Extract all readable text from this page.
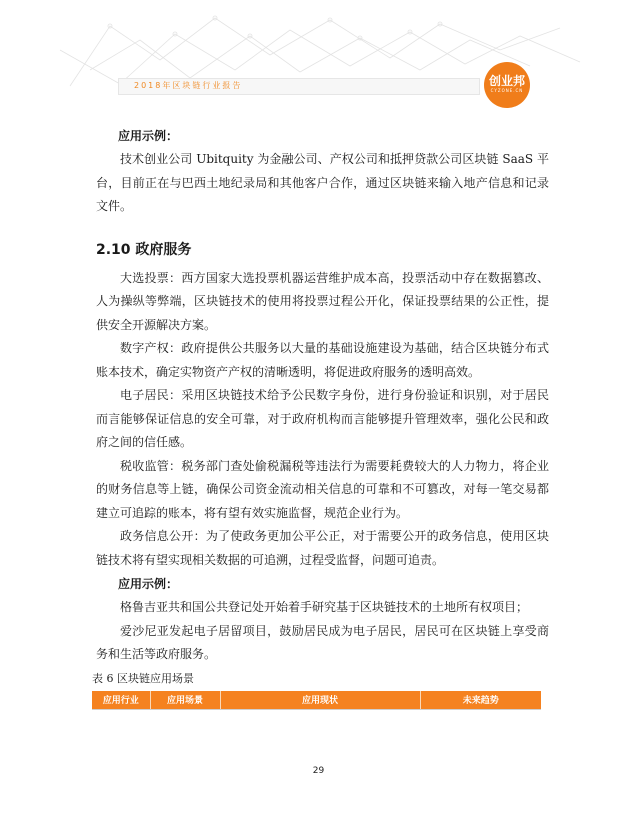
2018年区块链行业报告	创业邦
CYZONE.CN

应用示例：

技术创业公司 Ubitquity 为金融公司、产权公司和抵押贷款公司区块链 SaaS 平台，目前正在与巴西土地纪录局和其他客户合作，通过区块链来输入地产信息和记录文件。

2.10 政府服务

大选投票：西方国家大选投票机器运营维护成本高，投票活动中存在数据篡改、人为操纵等弊端，区块链技术的使用将投票过程公开化，保证投票结果的公正性，提供安全开源解决方案。

数字产权：政府提供公共服务以大量的基础设施建设为基础，结合区块链分布式账本技术，确定实物资产产权的清晰透明，将促进政府服务的透明高效。

电子居民：采用区块链技术给予公民数字身份，进行身份验证和识别，对于居民而言能够保证信息的安全可靠，对于政府机构而言能够提升管理效率，强化公民和政府之间的信任感。

税收监管：税务部门查处偷税漏税等违法行为需要耗费较大的人力物力，将企业的财务信息等上链，确保公司资金流动相关信息的可靠和不可篡改，对每一笔交易都建立可追踪的账本，将有望有效实施监督，规范企业行为。

政务信息公开：为了使政务更加公平公正，对于需要公开的政务信息，使用区块链技术将有望实现相关数据的可追溯，过程受监督，问题可追责。

应用示例：

格鲁吉亚共和国公共登记处开始着手研究基于区块链技术的土地所有权项目；

爱沙尼亚发起电子居留项目，鼓励居民成为电子居民，居民可在区块链上享受商务和生活等政府服务。

表 6 区块链应用场景
应用行业	应用场景	应用现状	未来趋势
29
